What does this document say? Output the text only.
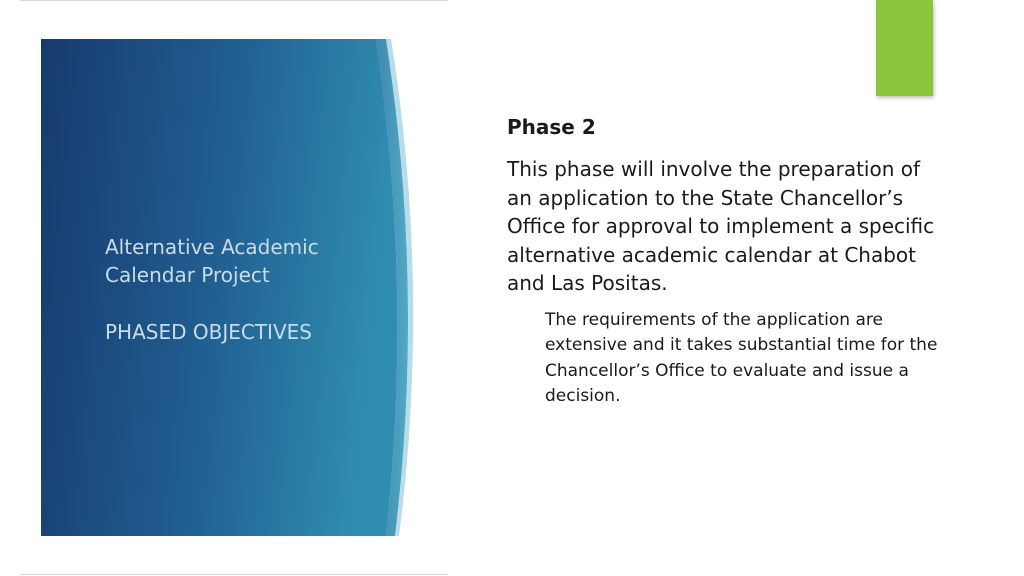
4
Alternative Academic Calendar Project
PHASED OBJECTIVES
Phase 2

This phase will involve the preparation of an application to the State Chancellor’s Office for approval to implement a specific alternative academic calendar at Chabot and Las Positas.

The requirements of the application are extensive and it takes substantial time for the Chancellor’s Office to evaluate and issue a decision.
